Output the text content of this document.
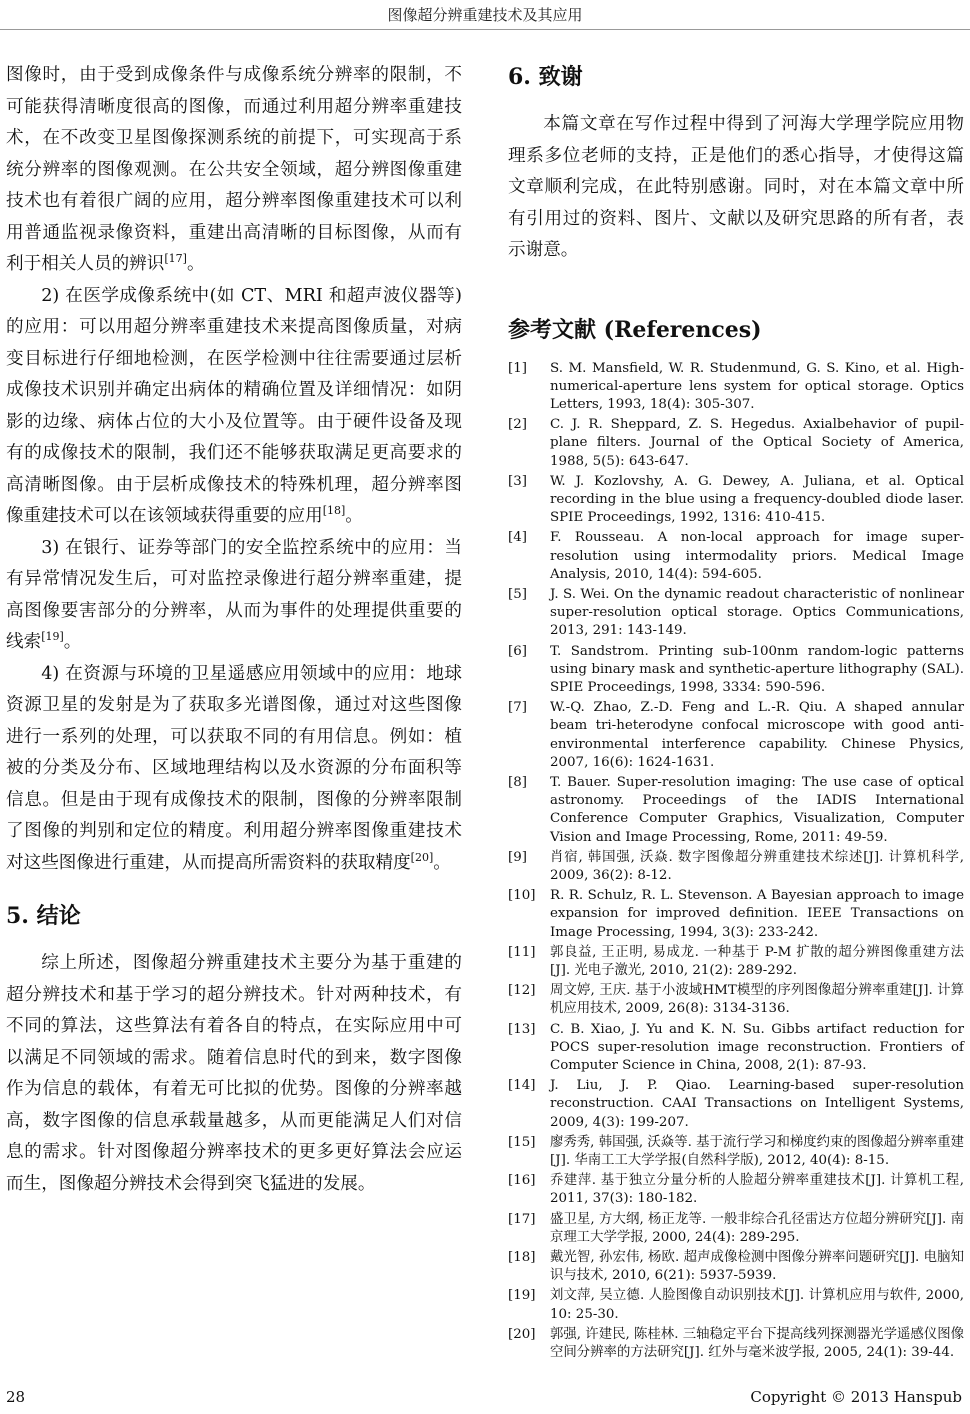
图像超分辨重建技术及其应用

图像时，由于受到成像条件与成像系统分辨率的限制，不可能获得清晰度很高的图像，而通过利用超分辨率重建技术，在不改变卫星图像探测系统的前提下，可实现高于系统分辨率的图像观测。在公共安全领域，超分辨图像重建技术也有着很广阔的应用，超分辨率图像重建技术可以利用普通监视录像资料，重建出高清晰的目标图像，从而有利于相关人员的辨识[17]。

2) 在医学成像系统中(如 CT、MRI 和超声波仪器等)的应用：可以用超分辨率重建技术来提高图像质量，对病变目标进行仔细地检测，在医学检测中往往需要通过层析成像技术识别并确定出病体的精确位置及详细情况：如阴影的边缘、病体占位的大小及位置等。由于硬件设备及现有的成像技术的限制，我们还不能够获取满足更高要求的高清晰图像。由于层析成像技术的特殊机理，超分辨率图像重建技术可以在该领域获得重要的应用[18]。

3) 在银行、证券等部门的安全监控系统中的应用：当有异常情况发生后，可对监控录像进行超分辨率重建，提高图像要害部分的分辨率，从而为事件的处理提供重要的线索[19]。

4) 在资源与环境的卫星遥感应用领域中的应用：地球资源卫星的发射是为了获取多光谱图像，通过对这些图像进行一系列的处理，可以获取不同的有用信息。例如：植被的分类及分布、区域地理结构以及水资源的分布面积等信息。但是由于现有成像技术的限制，图像的分辨率限制了图像的判别和定位的精度。利用超分辨率图像重建技术对这些图像进行重建，从而提高所需资料的获取精度[20]。

5. 结论

综上所述，图像超分辨重建技术主要分为基于重建的超分辨技术和基于学习的超分辨技术。针对两种技术，有不同的算法，这些算法有着各自的特点，在实际应用中可以满足不同领域的需求。随着信息时代的到来，数字图像作为信息的载体，有着无可比拟的优势。图像的分辨率越高，数字图像的信息承载量越多，从而更能满足人们对信息的需求。针对图像超分辨率技术的更多更好算法会应运而生，图像超分辨技术会得到突飞猛进的发展。

6. 致谢

本篇文章在写作过程中得到了河海大学理学院应用物理系多位老师的支持，正是他们的悉心指导，才使得这篇文章顺利完成，在此特别感谢。同时，对在本篇文章中所有引用过的资料、图片、文献以及研究思路的所有者，表示谢意。

参考文献 (References)
[1]	S. M. Mansfield, W. R. Studenmund, G. S. Kino, et al. High-numerical-aperture lens system for optical storage. Optics Letters, 1993, 18(4): 305-307.
[2]	C. J. R. Sheppard, Z. S. Hegedus. Axialbehavior of pupil-plane filters. Journal of the Optical Society of America, 1988, 5(5): 643-647.
[3]	W. J. Kozlovshy, A. G. Dewey, A. Juliana, et al. Optical recording in the blue using a frequency-doubled diode laser. SPIE Proceedings, 1992, 1316: 410-415.
[4]	F. Rousseau. A non-local approach for image super-resolution using intermodality priors. Medical Image Analysis, 2010, 14(4): 594-605.
[5]	J. S. Wei. On the dynamic readout characteristic of nonlinear super-resolution optical storage. Optics Communications, 2013, 291: 143-149.
[6]	T. Sandstrom. Printing sub-100nm random-logic patterns using binary mask and synthetic-aperture lithography (SAL). SPIE Proceedings, 1998, 3334: 590-596.
[7]	W.-Q. Zhao, Z.-D. Feng and L.-R. Qiu. A shaped annular beam tri-heterodyne confocal microscope with good anti-environmental interference capability. Chinese Physics, 2007, 16(6): 1624-1631.
[8]	T. Bauer. Super-resolution imaging: The use case of optical astronomy. Proceedings of the IADIS International Conference Computer Graphics, Visualization, Computer Vision and Image Processing, Rome, 2011: 49-59.
[9]	肖宿, 韩国强, 沃焱. 数字图像超分辨重建技术综述[J]. 计算机科学, 2009, 36(2): 8-12.
[10]	R. R. Schulz, R. L. Stevenson. A Bayesian approach to image expansion for improved definition. IEEE Transactions on Image Processing, 1994, 3(3): 233-242.
[11]	郭良益, 王正明, 易成龙. 一种基于 P-M 扩散的超分辨图像重建方法[J]. 光电子激光, 2010, 21(2): 289-292.
[12]	周文婷, 王庆. 基于小波域HMT模型的序列图像超分辨率重建[J]. 计算机应用技术, 2009, 26(8): 3134-3136.
[13]	C. B. Xiao, J. Yu and K. N. Su. Gibbs artifact reduction for POCS super-resolution image reconstruction. Frontiers of Computer Science in China, 2008, 2(1): 87-93.
[14]	J. Liu, J. P. Qiao. Learning-based super-resolution reconstruction. CAAI Transactions on Intelligent Systems, 2009, 4(3): 199-207.
[15]	廖秀秀, 韩国强, 沃焱等. 基于流行学习和梯度约束的图像超分辨率重建[J]. 华南工工大学学报(自然科学版), 2012, 40(4): 8-15.
[16]	乔建萍. 基于独立分量分析的人脸超分辨率重建技术[J]. 计算机工程, 2011, 37(3): 180-182.
[17]	盛卫星, 方大纲, 杨正龙等. 一般非综合孔径雷达方位超分辨研究[J]. 南京理工大学学报, 2000, 24(4): 289-295.
[18]	戴光智, 孙宏伟, 杨欧. 超声成像检测中图像分辨率问题研究[J]. 电脑知识与技术, 2010, 6(21): 5937-5939.
[19]	刘文萍, 吴立德. 人脸图像自动识别技术[J]. 计算机应用与软件, 2000, 10: 25-30.
[20]	郭强, 许建民, 陈桂林. 三轴稳定平台下提高线列探测器光学遥感仪图像空间分辨率的方法研究[J]. 红外与毫米波学报, 2005, 24(1): 39-44.
28	Copyright © 2013 Hanspub
